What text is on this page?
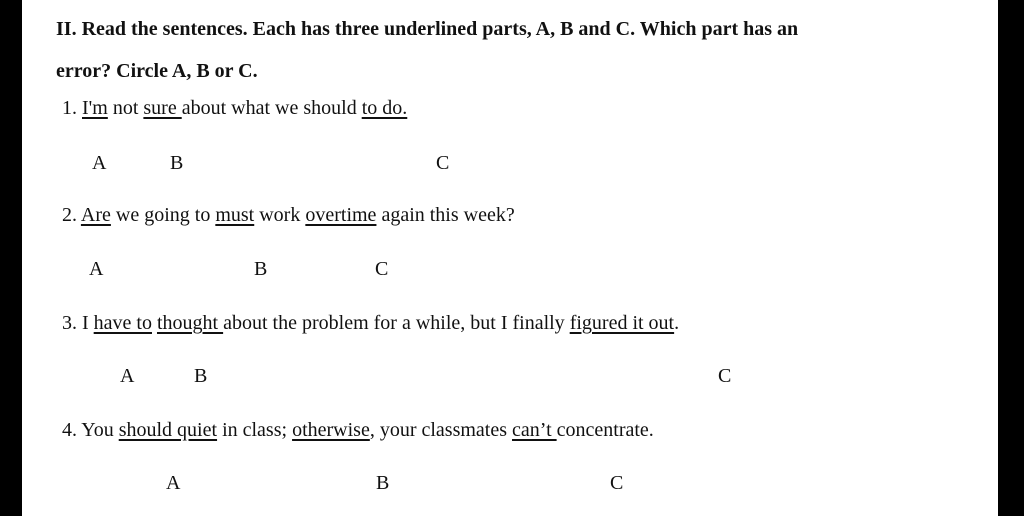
II. Read the sentences. Each has three underlined parts, A, B and C. Which part has an
error? Circle A, B or C.
1. I'm not sure about what we should to do.
A	B	C
2. Are we going to must work overtime again this week?
A	B	C
3. I have to thought about the problem for a while, but I finally figured it out.
A	B	C
4. You should quiet in class; otherwise, your classmates can’t concentrate.
A	B	C
